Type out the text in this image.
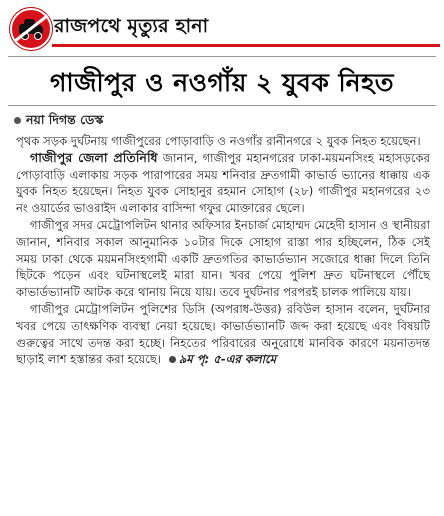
রাজপথে মৃত্যুর হানা
গাজীপুর ও নওগাঁয় ২ যুবক নিহত
নয়া দিগন্ত ডেস্ক

পৃথক সড়ক দুর্ঘটনায় গাজীপুরের পোড়াবাড়ি ও নওগাঁর রানীনগরে ২ যুবক নিহত হয়েছেন।

গাজীপুর জেলা প্রতিনিধি জানান, গাজীপুর মহানগরের ঢাকা-ময়মনসিংহ মহাসড়কের পোড়াবাড়ি এলাকায় সড়ক পারাপারের সময় শনিবার দ্রুতগামী কাভার্ড ভ্যানের ধাক্কায় এক যুবক নিহত হয়েছেন। নিহত যুবক সোহানুর রহমান সোহাগ (২৮) গাজীপুর মহানগরের ২৩ নং ওয়ার্ডের ভাওরাইদ এলাকার বাসিন্দা গফুর মোক্তারের ছেলে।

গাজীপুর সদর মেট্রোপলিটন থানার অফিসার ইনচার্জ মোহাম্মদ মেহেদী হাসান ও স্থানীয়রা জানান, শনিবার সকাল আনুমানিক ১০টার দিকে সোহাগ রাস্তা পার হচ্ছিলেন, ঠিক সেই সময় ঢাকা থেকে ময়মনসিংহগামী একটি দ্রুতগতির কাভার্ডভ্যান সজোরে ধাক্কা দিলে তিনি ছিটকে পড়েন এবং ঘটনাস্থলেই মারা যান। খবর পেয়ে পুলিশ দ্রুত ঘটনাস্থলে পৌঁছে কাভার্ডভ্যানটি আটক করে থানায় নিয়ে যায়। তবে দুর্ঘটনার পরপরই চালক পালিয়ে যায়।

গাজীপুর মেট্রোপলিটন পুলিশের ডিসি (অপরাধ-উত্তর) রবিউল হাসান বলেন, দুর্ঘটনার খবর পেয়ে তাৎক্ষণিক ব্যবস্থা নেয়া হয়েছে। কাভার্ডভ্যানটি জব্দ করা হয়েছে এবং বিষয়টি গুরুত্বের সাথে তদন্ত করা হচ্ছে। নিহতের পরিবারের অনুরোধে মানবিক কারণে ময়নাতদন্ত ছাড়াই লাশ হস্তান্তর করা হয়েছে। ৯ম পৃ: ৫-এর কলামে
